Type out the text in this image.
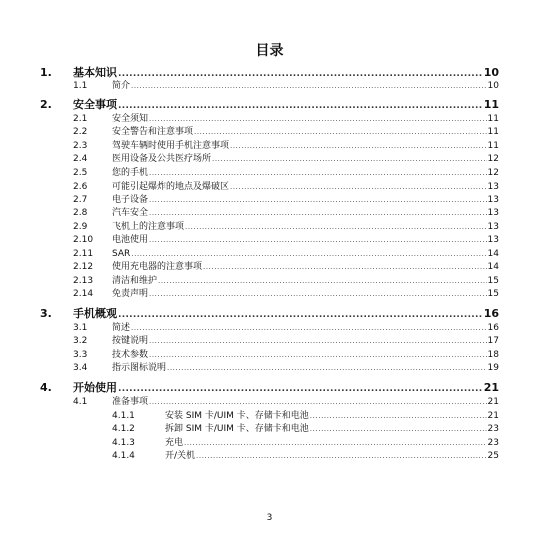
目录
1.	基本知识 .....	10
1.1	简介 .....	10
2.	安全事项 .....	11
2.1	安全须知 .....	11
2.2	安全警告和注意事项 .....	11
2.3	驾驶车辆时使用手机注意事项 .....	11
2.4	医用设备及公共医疗场所 .....	12
2.5	您的手机 .....	12
2.6	可能引起爆炸的地点及爆破区 .....	13
2.7	电子设备 .....	13
2.8	汽车安全 .....	13
2.9	飞机上的注意事项 .....	13
2.10	电池使用 .....	13
2.11	SAR .....	14
2.12	使用充电器的注意事项 .....	14
2.13	清洁和维护 .....	15
2.14	免责声明 .....	15
3.	手机概观 .....	16
3.1	简述 .....	16
3.2	按键说明 .....	17
3.3	技术参数 .....	18
3.4	指示图标说明 .....	19
4.	开始使用 .....	21
4.1	准备事项 .....	21
4.1.1	安装 SIM 卡/UIM 卡、存储卡和电池 .....	21
4.1.2	拆卸 SIM 卡/UIM 卡、存储卡和电池 .....	23
4.1.3	充电 .....	23
4.1.4	开/关机 .....	25
3
